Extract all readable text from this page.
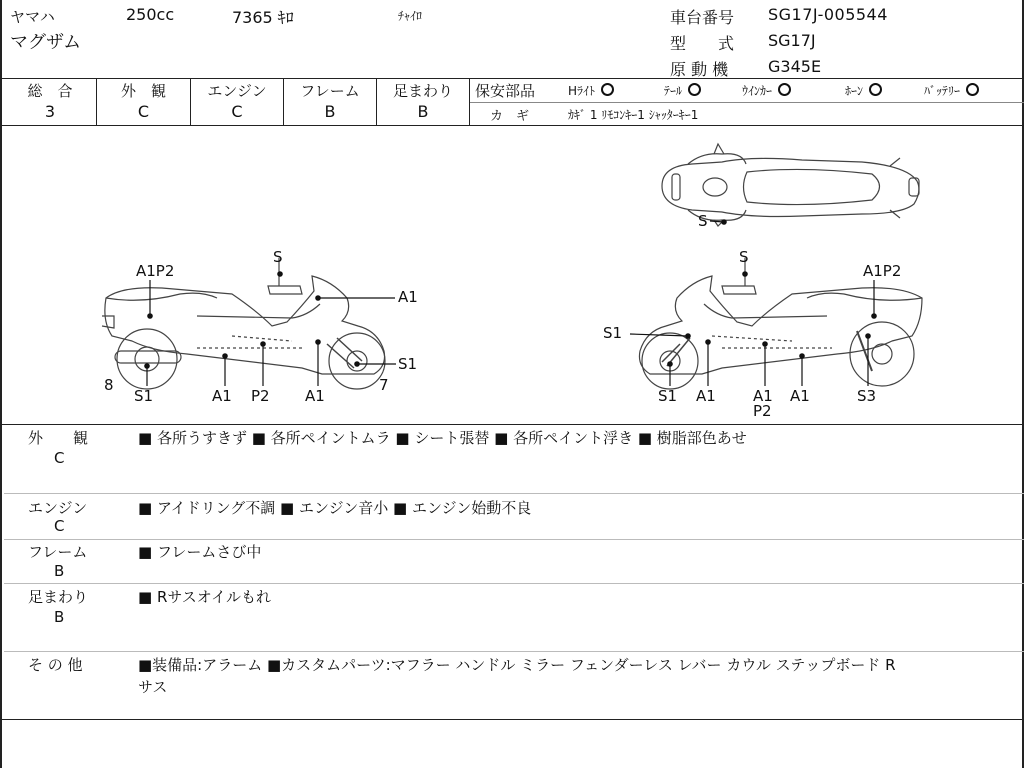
ヤマハ	250cc	7365 ｷﾛ	ﾁｬｲﾛ
マグザム
車台番号 SG17J-005544
型　　式 SG17J
原 動 機 G345E
総　合
3
外　観
C
エンジン
C
フレーム
B
足まわり
B
保安部品	Hﾗｲﾄ	ﾃｰﾙ	ｳｲﾝｶｰ	ﾎｰﾝ	ﾊﾞｯﾃﾘｰ
カ　ギ	ｶｷﾞ 1 ﾘﾓｺﾝｷｰ1 ｼｬｯﾀｰｷｰ1
A1P2
S
A1
S1
7
8
S1	A1 P2 A1
S
S
A1P2
S1
S1 A1 A1
P2
A1	S3
外　　観
C
■ 各所うすきず ■ 各所ペイントムラ ■ シート張替 ■ 各所ペイント浮き ■ 樹脂部色あせ
エンジン
C
■ アイドリング不調 ■ エンジン音小 ■ エンジン始動不良
フレーム
B
■ フレームさび中
足まわり
B
■ Rサスオイルもれ
そ の 他	■装備品:アラーム ■カスタムパーツ:マフラー ハンドル ミラー フェンダーレス レバー カウル ステップボード R
サス
